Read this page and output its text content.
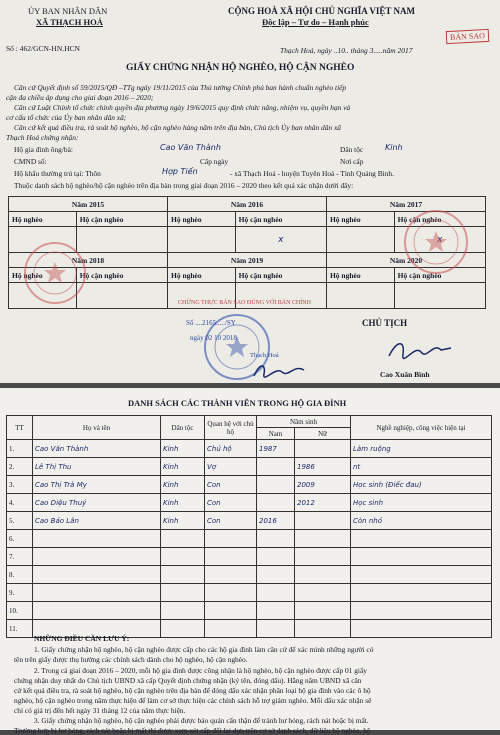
ỦY BAN NHÂN DÂN
XÃ THẠCH HOÁ
CỘNG HOÀ XÃ HỘI CHỦ NGHĨA VIỆT NAM
Độc lập – Tự do – Hạnh phúc
BẢN SAO
Số : 462/GCN-HN.HCN	Thạch Hoá, ngày ..10.. tháng 3.....năm 2017
GIẤY CHỨNG NHẬN HỘ NGHÈO, HỘ CẬN NGHÈO
Căn cứ Quyết định số 59/2015/QĐ –TTg ngày 19/11/2015 của Thủ tướng Chính phủ ban hành chuẩn nghèo tiếp
cận đa chiều áp dụng cho giai đoạn 2016 – 2020;
Căn cứ Luật Chính tổ chức chính quyền địa phương ngày 19/6/2015 quy định chức năng, nhiệm vụ, quyền hạn và
cơ cấu tổ chức của Ủy ban nhân dân xã;
Căn cứ kết quả điều tra, rà soát hộ nghèo, hộ cận nghèo hàng năm trên địa bàn, Chủ tịch Ủy ban nhân dân xã
Thạch Hoá chứng nhận:
Hộ gia đình ông/bà:	Cao Văn Thành	Dân tộc	Kinh
CMND số:	Cấp ngày	Nơi cấp
Hộ khẩu thường trú tại: Thôn	Hợp Tiến	- xã Thạch Hoá - huyện Tuyên Hoá - Tỉnh Quảng Bình.
Thuộc danh sách hộ nghèo/hộ cận nghèo trên địa bàn trong giai đoạn 2016 – 2020 theo kết quả xác nhận dưới đây:
Năm 2015		Năm 2016		Năm 2017	
Hộ nghèo	Hộ cận nghèo	Hộ nghèo	Hộ cận nghèo	Hộ nghèo	Hộ cận nghèo
			x		x
Năm 2018		Năm 2019		Năm 2020	
Hộ nghèo	Hộ cận nghèo	Hộ nghèo	Hộ cận nghèo	Hộ nghèo	Hộ cận nghèo

CHỨNG THỰC BẢN SAO ĐÚNG VỚI BẢN CHÍNH
Số ....2165...../SY
ngày 02 10 2018
Thạch Hoá
CHỦ TỊCH
Cao Xuân Bình
DANH SÁCH CÁC THÀNH VIÊN TRONG HỘ GIA ĐÌNH
TT	Họ và tên	Dân tộc	Quan hệ với chủ hộ	Năm sinh		Nghề nghiệp, công việc hiện tại
				Nam	Nữ	
1.	Cao Văn Thành	Kinh	Chủ hộ	1987		Làm ruộng
2.	Lê Thị Thu	Kinh	Vợ		1986	nt
3.	Cao Thị Trà My	Kinh	Con		2009	Học sinh (Điếc đau)
4.	Cao Diệu Thuý	Kinh	Con		2012	Học sinh
5.	Cao Bảo Lân	Kinh	Con	2016		Còn nhỏ
6.						
7.						
8.						
9.						
10.						
11.						
NHỮNG ĐIỀU CẦN LƯU Ý:
1. Giấy chứng nhận hộ nghèo, hộ cận nghèo được cấp cho các hộ gia đình làm căn cứ để xác minh những người có
tên trên giấy được thụ hưởng các chính sách dành cho hộ nghèo, hộ cận nghèo.
2. Trong cả giai đoạn 2016 – 2020, mỗi hộ gia đình được công nhận là hộ nghèo, hộ cận nghèo được cấp 01 giấy
chứng nhận duy nhất do Chủ tịch UBND xã cấp Quyết định chứng nhận (ký tên, đóng dấu). Hằng năm UBND xã căn
cứ kết quả điều tra, rà soát hộ nghèo, hộ cận nghèo trên địa bàn để đóng dấu xác nhận phân loại hộ gia đình vào các ô hộ
nghèo, hộ cận nghèo trong năm thực hiện để làm cơ sở thực hiện các chính sách hỗ trợ giảm nghèo. Mỗi dấu xác nhận sẽ
chỉ có giá trị đến hết ngày 31 tháng 12 của năm thực hiện.
3. Giấy chứng nhận hộ nghèo, hộ cận nghèo phải được bảo quản cẩn thận để tránh hư hỏng, rách nát hoặc bị mất.
Trường hợp bị hư hỏng, rách nát hoặc bị mất thì được xem xét cấp đổi lại dựa trên cơ sở danh sách, dữ liệu hộ nghèo, hộ
